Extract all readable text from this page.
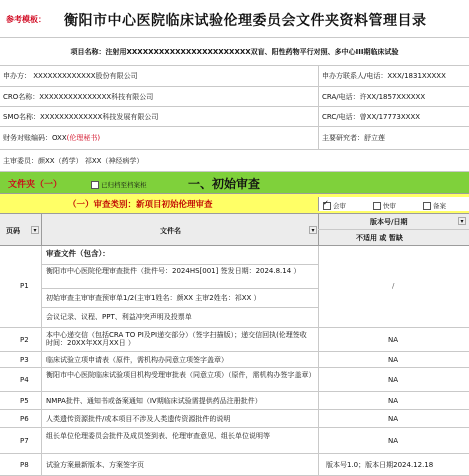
参考模板： 衡阳市中心医院临床试验伦理委员会文件夹资料管理目录
项目名称：注射用XXXXXXXXXXXXXXXXXXXXXXX双盲、阳性药物平行对照、多中心III期临床试验
申办方： XXXXXXXXXXXXX股份有限公司	申办方联系人/电话：XXX/1831XXXXX
CRO名称：XXXXXXXXXXXXXXX科技有限公司	CRA/电话：许XX/1857XXXXXX
SMO名称：XXXXXXXXXXXXX科技发展有限公司	CRC/电话：曾XX/17773XXXX
财务对账编码：OXX(伦理秘书)	主要研究者：舒立莲
主审委员：颜XX（药学） 祁XX（神经病学）
文件夹（一）	已归档至档案柜	一、初始审查
（一）审查类别：新项目初始伦理审查
✓	会审	快审	备案
页码	▾	文件名	▾
版本号/日期	▾
不适用 或 暂缺
P1
审查文件（包含）：
衡阳市中心医院伦理审查批件（批件号：2024HS[001] 签发日期：2024.8.14 ）
初始审查主审审查预审单1/2(主审1姓名：颜XX 主审2姓名：祁XX ）
会议记录、议程、PPT、利益冲突声明及投票单
/
P2
本中心递交信（包括CRA TO PI及PI递交部分）（签字扫描版）；递交信回执(伦理签收时间：20XX年XX月XX日 ）	NA
P3 临床试验立项申请表（原件，需机构办同意立项签字盖章）	NA
P4
衡阳市中心医院临床试验项目机构受理审批表（同意立项）（原件，需机构办签字盖章）
NA
P5 NMPA批件、通知书或备案通知（IV期临床试验需提供药品注册批件）	NA
P6 人类遗传资源批件/或本项目不涉及人类遗传资源批件的说明	NA
P7
组长单位伦理委员会批件及成员签到表、伦理审查意见、组长单位说明等
NA
P8 试验方案最新版本、方案签字页	版本号1.0；版本日期2024.12.18
